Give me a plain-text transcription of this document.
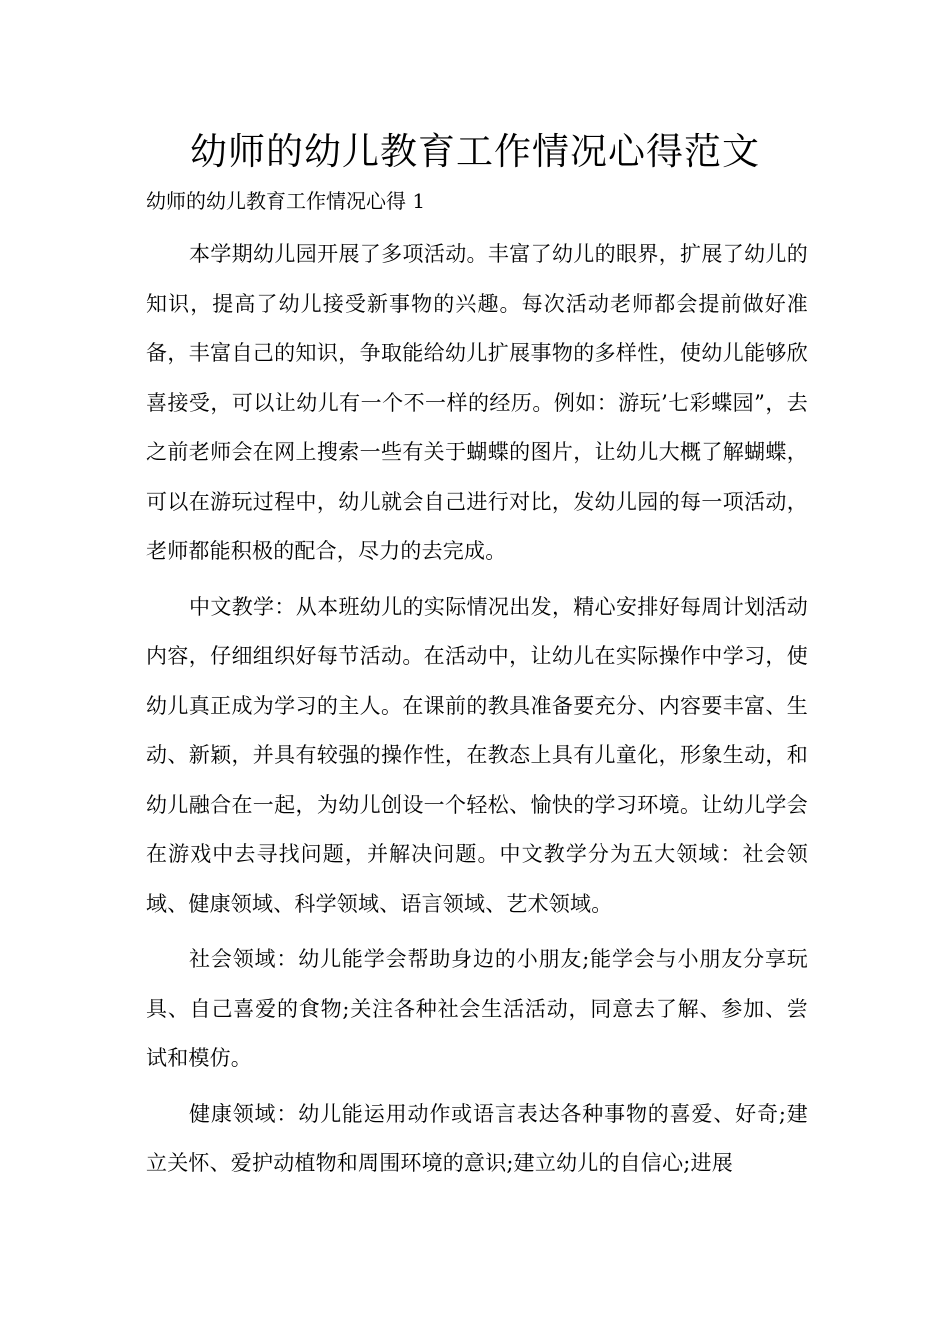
幼师的幼儿教育工作情况心得范文
幼师的幼儿教育工作情况心得 1

本学期幼儿园开展了多项活动。丰富了幼儿的眼界，扩展了幼儿的知识，提高了幼儿接受新事物的兴趣。每次活动老师都会提前做好准备，丰富自己的知识，争取能给幼儿扩展事物的多样性，使幼儿能够欣喜接受，可以让幼儿有一个不一样的经历。例如：游玩’七彩蝶园”，去之前老师会在网上搜索一些有关于蝴蝶的图片，让幼儿大概了解蝴蝶，可以在游玩过程中，幼儿就会自己进行对比，发幼儿园的每一项活动，老师都能积极的配合，尽力的去完成。

中文教学：从本班幼儿的实际情况出发，精心安排好每周计划活动内容，仔细组织好每节活动。在活动中，让幼儿在实际操作中学习，使幼儿真正成为学习的主人。在课前的教具准备要充分、内容要丰富、生动、新颖，并具有较强的操作性，在教态上具有儿童化，形象生动，和幼儿融合在一起，为幼儿创设一个轻松、愉快的学习环境。让幼儿学会在游戏中去寻找问题，并解决问题。中文教学分为五大领域：社会领域、健康领域、科学领域、语言领域、艺术领域。

社会领域：幼儿能学会帮助身边的小朋友;能学会与小朋友分享玩具、自己喜爱的食物;关注各种社会生活活动，同意去了解、参加、尝试和模仿。

健康领域：幼儿能运用动作或语言表达各种事物的喜爱、好奇;建立关怀、爱护动植物和周围环境的意识;建立幼儿的自信心;进展
